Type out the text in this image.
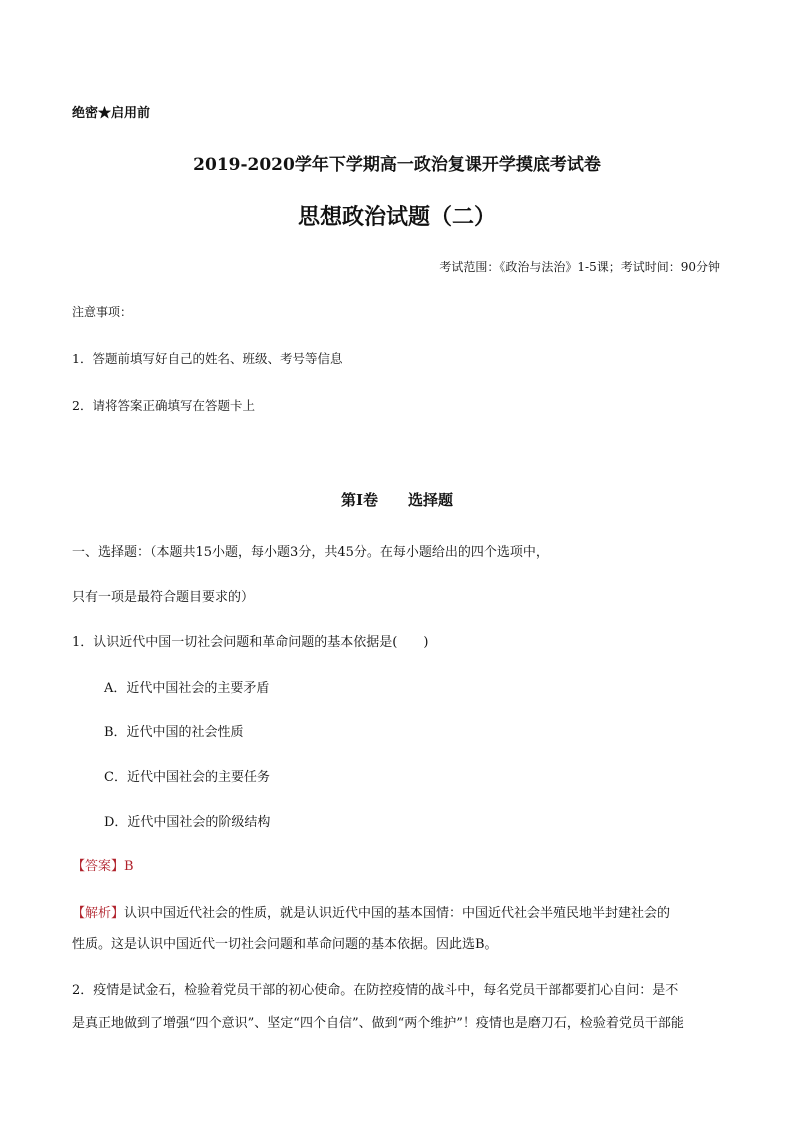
绝密★启用前
2019-2020学年下学期高一政治复课开学摸底考试卷
思想政治试题（二）
考试范围：《政治与法治》1-5课；考试时间：90分钟
注意事项：
1．答题前填写好自己的姓名、班级、考号等信息
2．请将答案正确填写在答题卡上
第I卷 选择题
一、选择题：（本题共15小题，每小题3分，共45分。在每小题给出的四个选项中，
只有一项是最符合题目要求的）
1．认识近代中国一切社会问题和革命问题的基本依据是(　　)
A．近代中国社会的主要矛盾
B．近代中国的社会性质
C．近代中国社会的主要任务
D．近代中国社会的阶级结构
【答案】B
【解析】认识中国近代社会的性质，就是认识近代中国的基本国情：中国近代社会半殖民地半封建社会的
性质。这是认识中国近代一切社会问题和革命问题的基本依据。因此选B。
2．疫情是试金石，检验着党员干部的初心使命。在防控疫情的战斗中，每名党员干部都要扪心自问：是不
是真正地做到了增强“四个意识”、坚定“四个自信”、做到“两个维护”！疫情也是磨刀石，检验着党员干部能
